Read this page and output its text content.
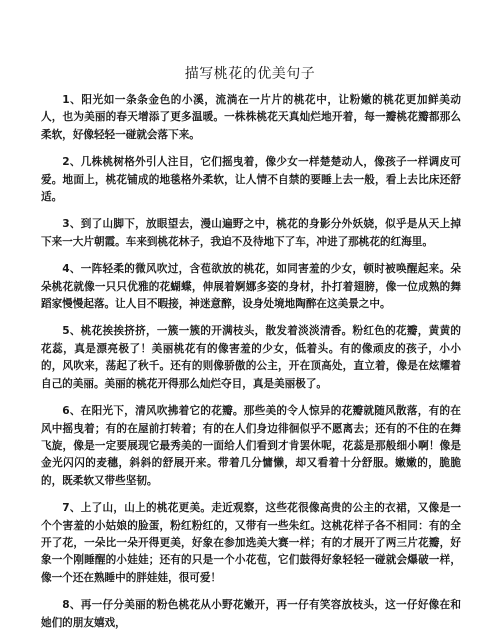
描写桃花的优美句子

1、阳光如一条条金色的小溪，流淌在一片片的桃花中，让粉嫩的桃花更加鲜美动人，也为美丽的春天增添了更多温暖。一株株桃花天真灿烂地开着，每一瓣桃花瓣都那么柔软，好像轻轻一碰就会落下来。

2、几株桃树格外引人注目，它们摇曳着，像少女一样楚楚动人，像孩子一样调皮可爱。地面上，桃花铺成的地毯格外柔软，让人情不自禁的要睡上去一般，看上去比床还舒适。

3、到了山脚下，放眼望去，漫山遍野之中，桃花的身影分外妖娆，似乎是从天上掉下来一大片朝霞。车来到桃花林子，我迫不及待地下了车，冲进了那桃花的红海里。

4、一阵轻柔的微风吹过，含苞欲放的桃花，如同害羞的少女，顿时被唤醒起来。朵朵桃花就像一只只优雅的花蝴蝶，伸展着婀娜多姿的身材，扑打着翅膀，像一位成熟的舞蹈家慢慢起落。让人目不暇接，神迷意醉，设身处境地陶醉在这美景之中。

5、桃花挨挨挤挤，一簇一簇的开满枝头，散发着淡淡清香。粉红色的花瓣，黄黄的花蕊，真是漂亮极了！美丽桃花有的像害羞的少女，低着头。有的像顽皮的孩子，小小的，风吹来，荡起了秋千。还有的则像骄傲的公主，开在顶高处，直立着，像是在炫耀着自己的美丽。美丽的桃花开得那么灿烂夺目，真是美丽极了。

6、在阳光下，清风吹拂着它的花瓣。那些美的令人惊异的花瓣就随风散落，有的在风中摇曳着；有的在屋前打转着；有的在人们身边徘徊似乎不愿离去；还有的不住的在舞飞旋，像是一定要展现它最秀美的一面给人们看到才肯罢休呢，花蕊是那般细小啊！像是金光闪闪的麦穗，斜斜的舒展开来。带着几分慵懒，却又看着十分舒服。嫩嫩的，脆脆的，既柔软又带些坚韧。

7、上了山，山上的桃花更美。走近观察，这些花很像高贵的公主的衣裙，又像是一个个害羞的小姑娘的脸蛋，粉红粉红的，又带有一些朱红。这桃花样子各不相同：有的全开了花，一朵比一朵开得更美，好象在参加选美大赛一样；有的才展开了两三片花瓣，好象一个刚睡醒的小娃娃；还有的只是一个小花苞，它们鼓得好象轻轻一碰就会爆破一样，像一个还在熟睡中的胖娃娃，很可爱！

8、再一仔分美丽的粉色桃花从小野花嫩开，再一仔有笑容放枝头，这一仔好像在和她们的朋友嬉戏，
